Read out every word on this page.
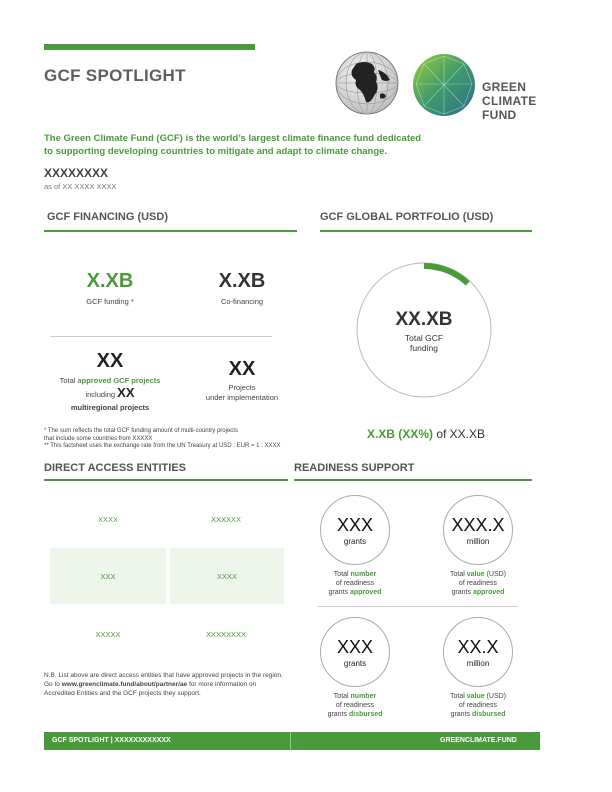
GCF SPOTLIGHT
GREEN
CLIMATE
FUND
The Green Climate Fund (GCF) is the world’s largest climate finance fund dedicated to supporting developing countries to mitigate and adapt to climate change.
XXXXXXXX
as of XX XXXX XXXX
GCF FINANCING (USD)
X.XB
GCF funding *
X.XB
Co-financing
XX
Total approved GCF projects
including XX
multiregional projects
XX
Projects
under implementation
* The sum reflects the total GCF funding amount of multi-country projects
that include some countries from XXXXX
** This factsheet uses the exchange rate from the UN Treasury at USD : EUR = 1 : XXXX
GCF GLOBAL PORTFOLIO (USD)
XX.XB
Total GCF
funding
X.XB (XX%) of XX.XB
DIRECT ACCESS ENTITIES
XXXX	XXXXXX
XXX	XXXX
XXXXX	XXXXXXXX
N.B. List above are direct access entities that have approved projects in the region. Go to www.greenclimate.fund/about/partner/ae for more information on Accredited Entities and the GCF projects they support.
READINESS SUPPORT
XXX
grants
Total number
of readiness
grants approved
XXX.X
million
Total value (USD)
of readiness
grants approved
XXX
grants
Total number
of readiness
grants disbursed
XX.X
million
Total value (USD)
of readiness
grants disbursed
GCF SPOTLIGHT | XXXXXXXXXXXX	GREENCLIMATE.FUND
